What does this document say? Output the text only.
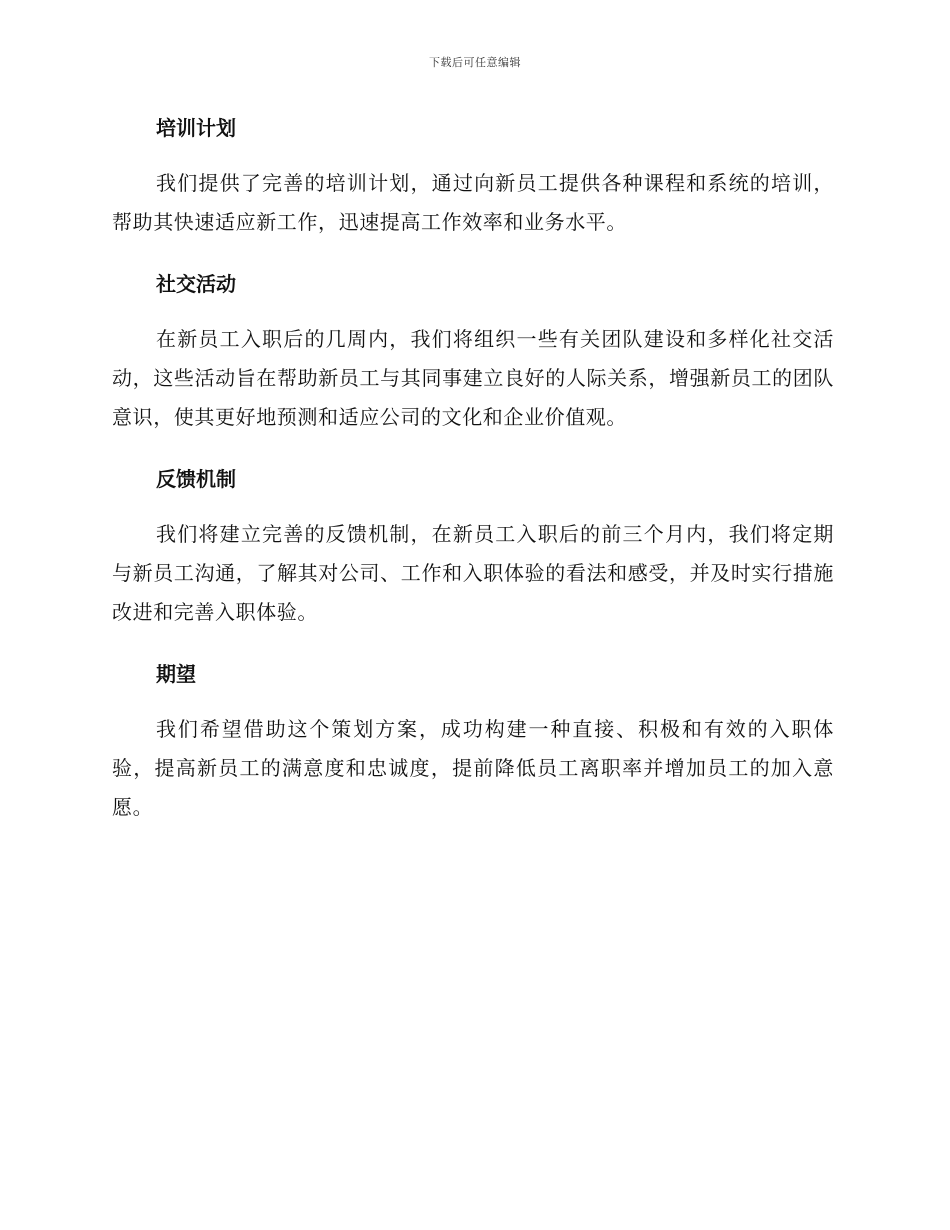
下载后可任意编辑
培训计划

我们提供了完善的培训计划，通过向新员工提供各种课程和系统的培训，帮助其快速适应新工作，迅速提高工作效率和业务水平。

社交活动

在新员工入职后的几周内，我们将组织一些有关团队建设和多样化社交活动，这些活动旨在帮助新员工与其同事建立良好的人际关系，增强新员工的团队意识，使其更好地预测和适应公司的文化和企业价值观。

反馈机制

我们将建立完善的反馈机制，在新员工入职后的前三个月内，我们将定期与新员工沟通，了解其对公司、工作和入职体验的看法和感受，并及时实行措施改进和完善入职体验。

期望

我们希望借助这个策划方案，成功构建一种直接、积极和有效的入职体验，提高新员工的满意度和忠诚度，提前降低员工离职率并增加员工的加入意愿。
